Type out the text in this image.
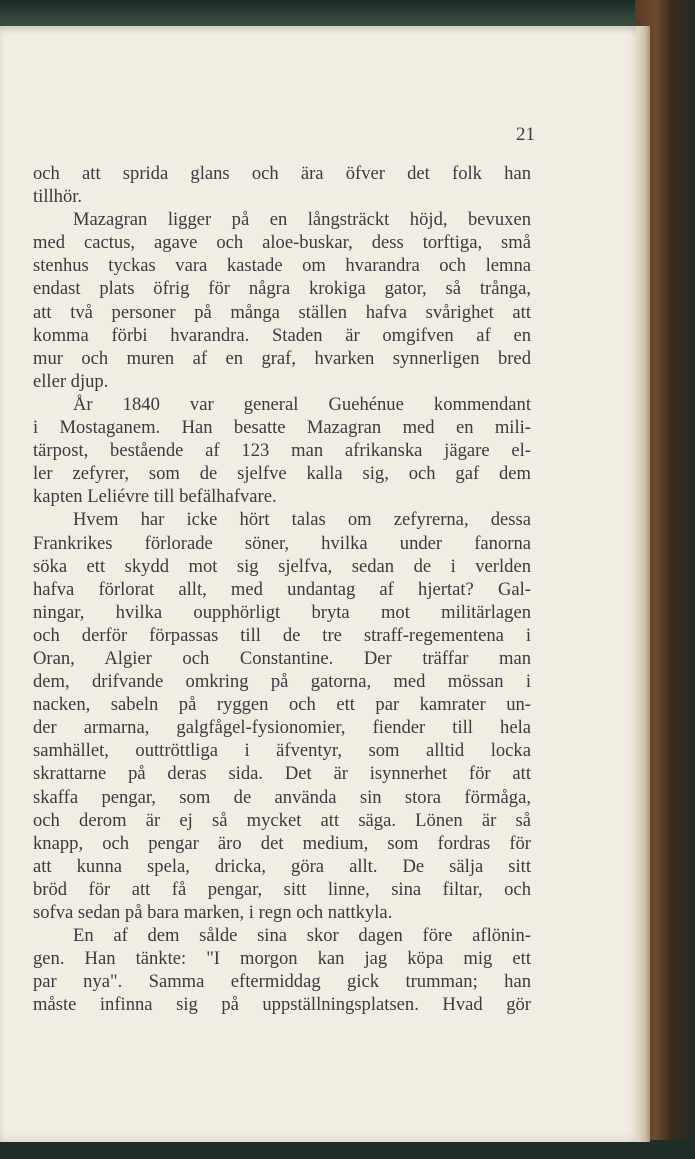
21
och att sprida glans och ära öfver det folk han
tillhör.
Mazagran ligger på en långsträckt höjd, bevuxen
med cactus, agave och aloe-buskar, dess torftiga, små
stenhus tyckas vara kastade om hvarandra och lemna
endast plats öfrig för några krokiga gator, så trånga,
att två personer på många ställen hafva svårighet att
komma förbi hvarandra. Staden är omgifven af en
mur och muren af en graf, hvarken synnerligen bred
eller djup.
År 1840 var general Guehénue kommendant
i Mostaganem. Han besatte Mazagran med en mili-
tärpost, bestående af 123 man afrikanska jägare el-
ler zefyrer, som de sjelfve kalla sig, och gaf dem
kapten Leliévre till befälhafvare.
Hvem har icke hört talas om zefyrerna, dessa
Frankrikes förlorade söner, hvilka under fanorna
söka ett skydd mot sig sjelfva, sedan de i verlden
hafva förlorat allt, med undantag af hjertat? Gal-
ningar, hvilka oupphörligt bryta mot militärlagen
och derför förpassas till de tre straff-regementena i
Oran, Algier och Constantine. Der träffar man
dem, drifvande omkring på gatorna, med mössan i
nacken, sabeln på ryggen och ett par kamrater un-
der armarna, galgfågel-fysionomier, fiender till hela
samhället, outtröttliga i äfventyr, som alltid locka
skrattarne på deras sida. Det är isynnerhet för att
skaffa pengar, som de använda sin stora förmåga,
och derom är ej så mycket att säga. Lönen är så
knapp, och pengar äro det medium, som fordras för
att kunna spela, dricka, göra allt. De sälja sitt
bröd för att få pengar, sitt linne, sina filtar, och
sofva sedan på bara marken, i regn och nattkyla.
En af dem sålde sina skor dagen före aflönin-
gen. Han tänkte: "I morgon kan jag köpa mig ett
par nya". Samma eftermiddag gick trumman; han
måste infinna sig på uppställningsplatsen. Hvad gör
